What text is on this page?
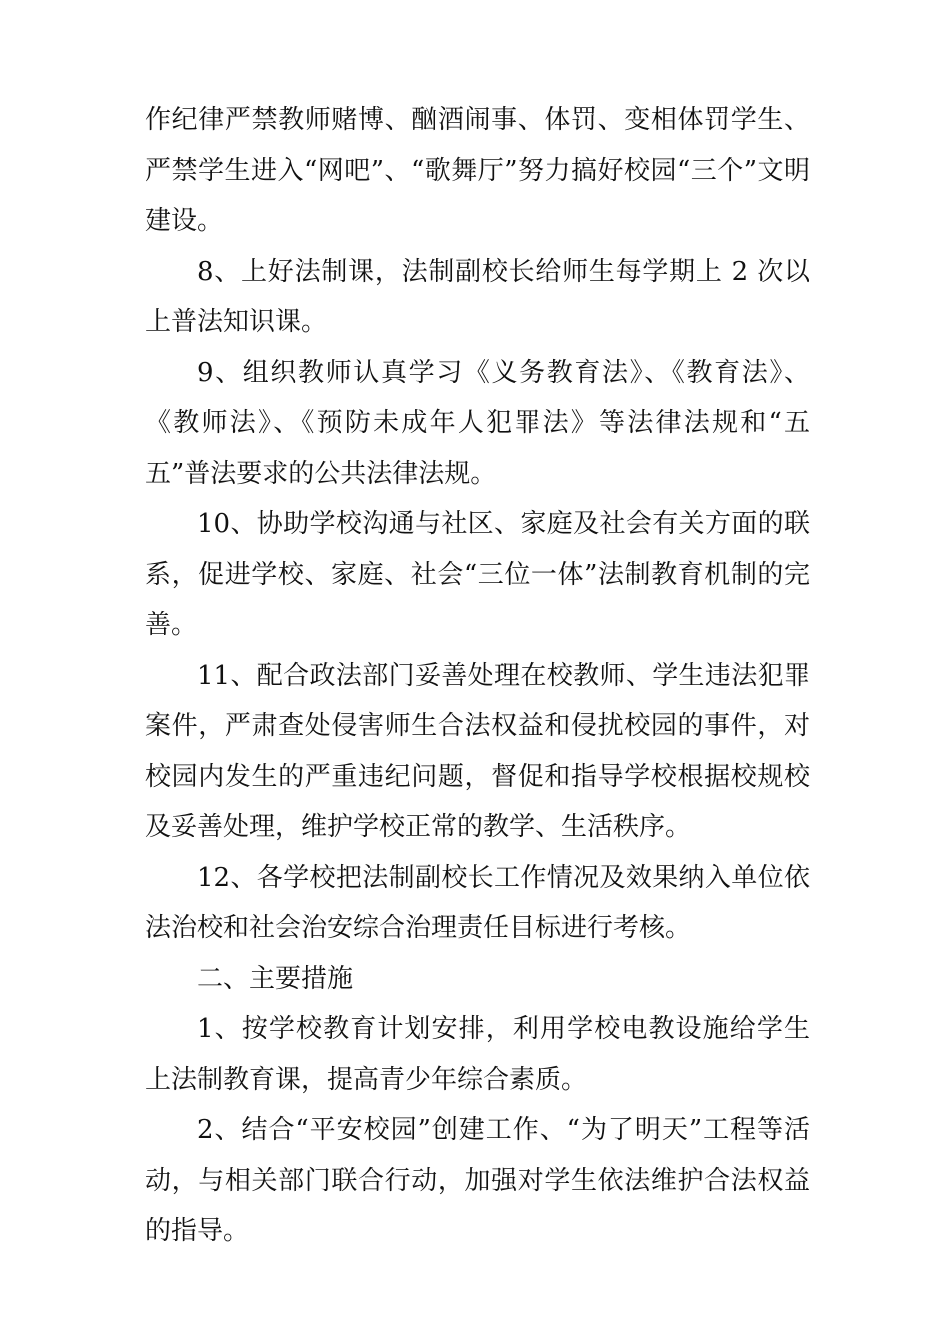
作纪律严禁教师赌博、酗酒闹事、体罚、变相体罚学生、严禁学生进入“网吧”、“歌舞厅”努力搞好校园“三个”文明建设。

8、上好法制课，法制副校长给师生每学期上 2 次以上普法知识课。

9、组织教师认真学习《义务教育法》、《教育法》、《教师法》、《预防未成年人犯罪法》等法律法规和“五五”普法要求的公共法律法规。

10、协助学校沟通与社区、家庭及社会有关方面的联系，促进学校、家庭、社会“三位一体”法制教育机制的完善。

11、配合政法部门妥善处理在校教师、学生违法犯罪案件，严肃查处侵害师生合法权益和侵扰校园的事件，对校园内发生的严重违纪问题，督促和指导学校根据校规校及妥善处理，维护学校正常的教学、生活秩序。

12、各学校把法制副校长工作情况及效果纳入单位依法治校和社会治安综合治理责任目标进行考核。

二、主要措施

1、按学校教育计划安排，利用学校电教设施给学生上法制教育课，提高青少年综合素质。

2、结合“平安校园”创建工作、“为了明天”工程等活动，与相关部门联合行动，加强对学生依法维护合法权益的指导。
